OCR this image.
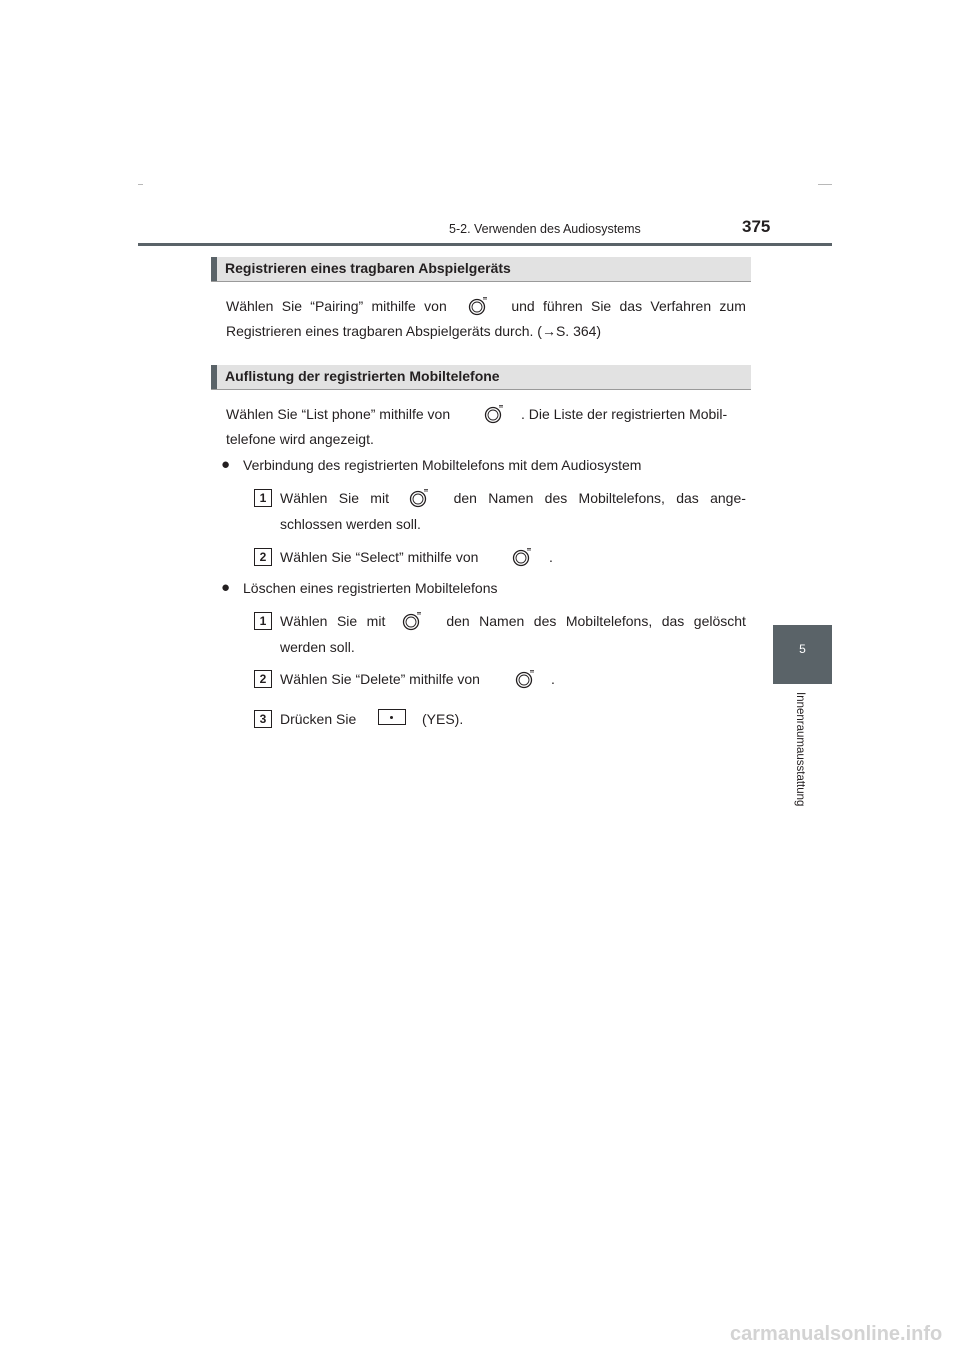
5-2. Verwenden des Audiosystems	375
5
Innenraumausstattung
Registrieren eines tragbaren Abspielgeräts
Wählen Sie “Pairing” mithilfe von	und führen Sie das Verfahren zum
Registrieren eines tragbaren Abspielgeräts durch. (→S. 364)
Auflistung der registrierten Mobiltelefone
Wählen Sie “List phone” mithilfe von	. Die Liste der registrierten Mobil-
telefone wird angezeigt.
● Verbindung des registrierten Mobiltelefons mit dem Audiosystem
1 Wählen Sie mit	den Namen des Mobiltelefons, das ange-
schlossen werden soll.
2 Wählen Sie “Select” mithilfe von	.
● Löschen eines registrierten Mobiltelefons
1 Wählen Sie mit	den Namen des Mobiltelefons, das gelöscht
werden soll.
2 Wählen Sie “Delete” mithilfe von	.
3 Drücken Sie	(YES).
carmanualsonline.info
